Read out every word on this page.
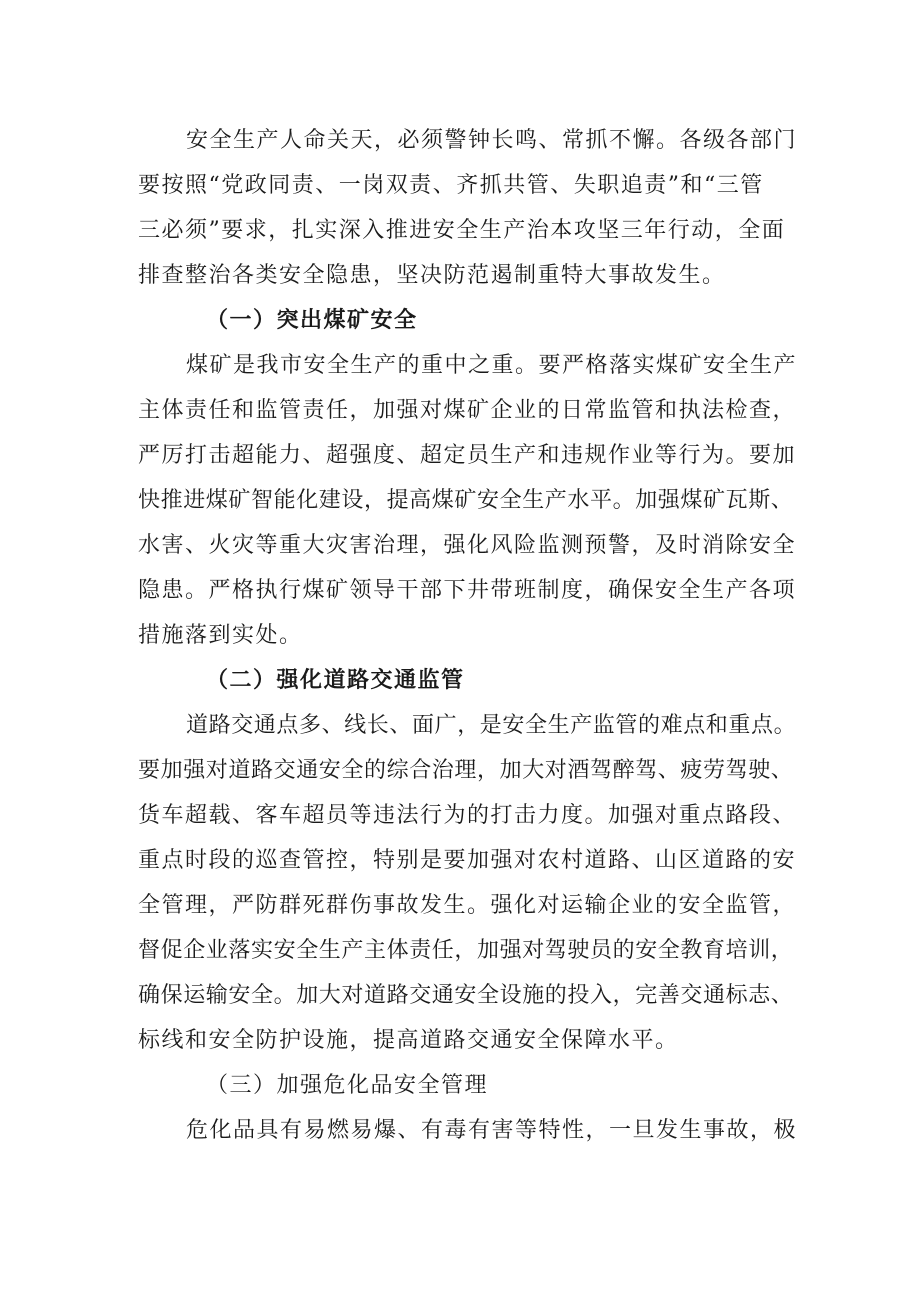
安全生产人命关天，必须警钟长鸣、常抓不懈。各级各部门
要按照“党政同责、一岗双责、齐抓共管、失职追责”和“三管
三必须”要求，扎实深入推进安全生产治本攻坚三年行动，全面
排查整治各类安全隐患，坚决防范遏制重特大事故发生。
（一）突出煤矿安全
煤矿是我市安全生产的重中之重。要严格落实煤矿安全生产
主体责任和监管责任，加强对煤矿企业的日常监管和执法检查，
严厉打击超能力、超强度、超定员生产和违规作业等行为。要加
快推进煤矿智能化建设，提高煤矿安全生产水平。加强煤矿瓦斯、
水害、火灾等重大灾害治理，强化风险监测预警，及时消除安全
隐患。严格执行煤矿领导干部下井带班制度，确保安全生产各项
措施落到实处。
（二）强化道路交通监管
道路交通点多、线长、面广，是安全生产监管的难点和重点。
要加强对道路交通安全的综合治理，加大对酒驾醉驾、疲劳驾驶、
货车超载、客车超员等违法行为的打击力度。加强对重点路段、
重点时段的巡查管控，特别是要加强对农村道路、山区道路的安
全管理，严防群死群伤事故发生。强化对运输企业的安全监管，
督促企业落实安全生产主体责任，加强对驾驶员的安全教育培训，
确保运输安全。加大对道路交通安全设施的投入，完善交通标志、
标线和安全防护设施，提高道路交通安全保障水平。
（三）加强危化品安全管理
危化品具有易燃易爆、有毒有害等特性，一旦发生事故，极
